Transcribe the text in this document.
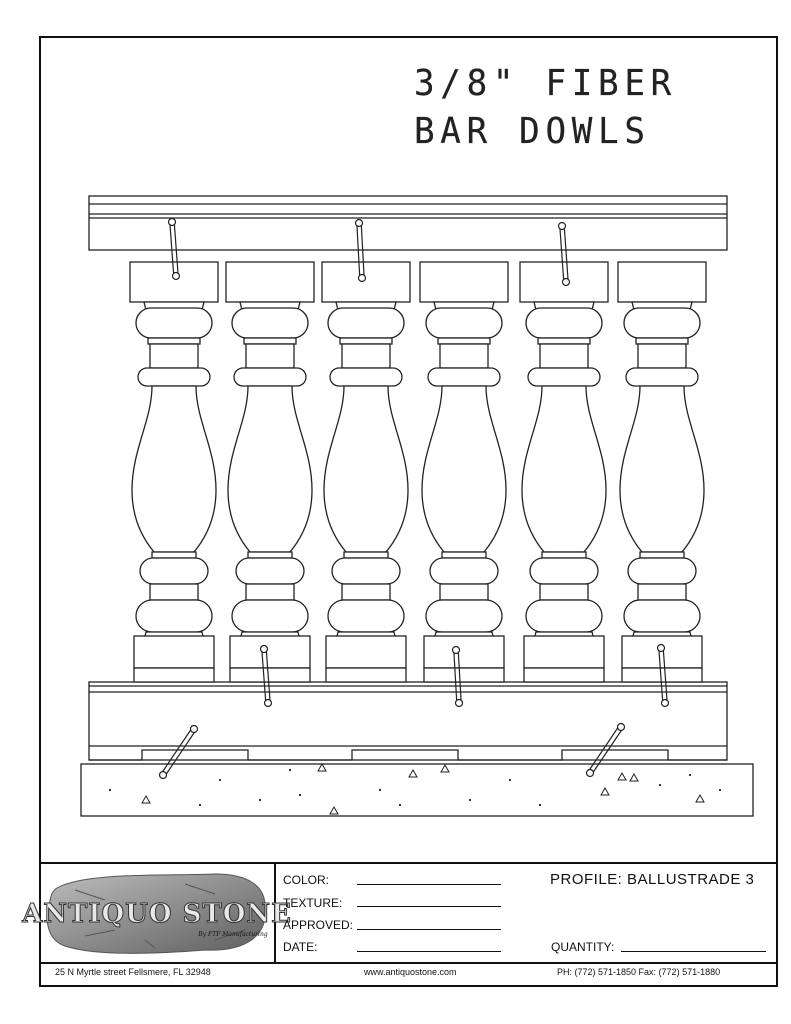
3/8" FIBER
BAR DOWLS
ANTIQUO STONE
By FTF Manufacturing
COLOR:
TEXTURE:
APPROVED:
DATE:
PROFILE: BALLUSTRADE 3
QUANTITY:
25 N Myrtle street Fellsmere, FL 32948	www.antiquostone.com	PH: (772) 571-1850 Fax: (772) 571-1880
